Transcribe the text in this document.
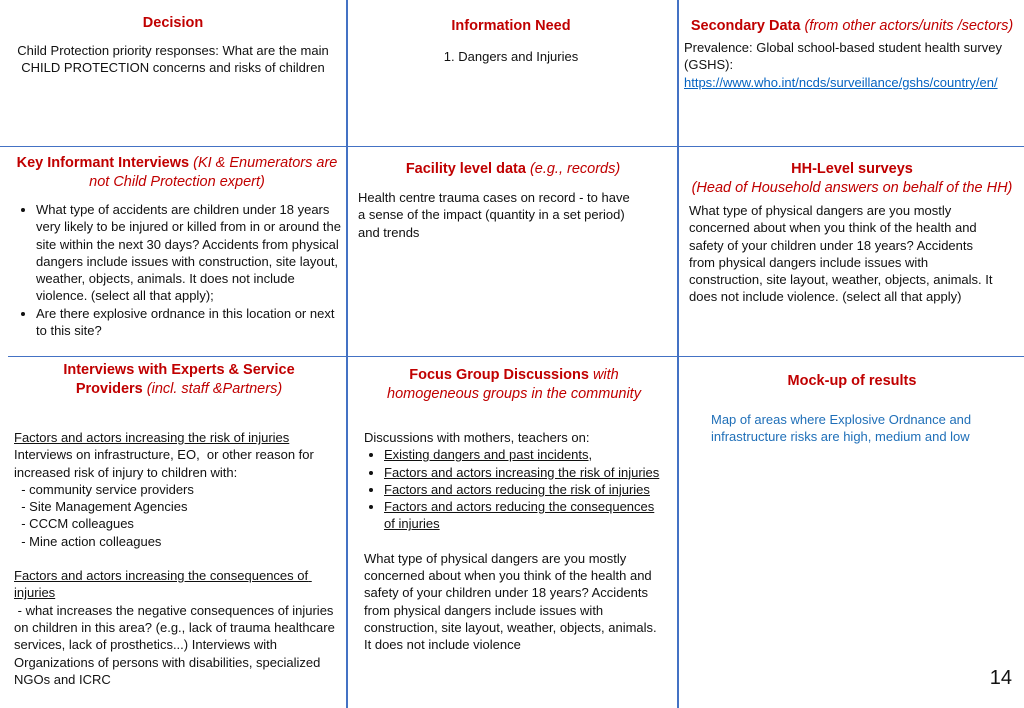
Decision
Child Protection priority responses: What are the main CHILD PROTECTION concerns and risks of children
Information Need
1. Dangers and Injuries
Secondary Data (from other actors/units /sectors)
Prevalence: Global school-based student health survey (GSHS):
https://www.who.int/ncds/surveillance/gshs/country/en/
Key Informant Interviews (KI & Enumerators are not Child Protection expert)
• What type of accidents are children under 18 years very likely to be injured or killed from in or around the site within the next 30 days? Accidents from physical dangers include issues with construction, site layout, weather, objects, animals. It does not include violence. (select all that apply);
• Are there explosive ordnance in this location or next to this site?
Facility level data (e.g., records)
Health centre trauma cases on record - to have a sense of the impact (quantity in a set period) and trends
HH-Level surveys
(Head of Household answers on behalf of the HH)
What type of physical dangers are you mostly concerned about when you think of the health and safety of your children under 18 years? Accidents from physical dangers include issues with construction, site layout, weather, objects, animals. It does not include violence. (select all that apply)
Interviews with Experts & Service Providers (incl. staff &Partners)
Factors and actors increasing the risk of injuries
Interviews on infrastructure, EO,  or other reason for increased risk of injury to children with:
- community service providers
- Site Management Agencies
- CCCM colleagues
- Mine action colleagues
Factors and actors increasing the consequences of injuries
- what increases the negative consequences of injuries on children in this area? (e.g., lack of trauma healthcare services, lack of prosthetics...) Interviews with Organizations of persons with disabilities, specialized NGOs and ICRC
Focus Group Discussions with homogeneous groups in the community
Discussions with mothers, teachers on:
• Existing dangers and past incidents,
• Factors and actors increasing the risk of injuries
• Factors and actors reducing the risk of injuries
• Factors and actors reducing the consequences of injuries
What type of physical dangers are you mostly concerned about when you think of the health and safety of your children under 18 years? Accidents from physical dangers include issues with construction, site layout, weather, objects, animals. It does not include violence
Mock-up of results
Map of areas where Explosive Ordnance and infrastructure risks are high, medium and low
14
